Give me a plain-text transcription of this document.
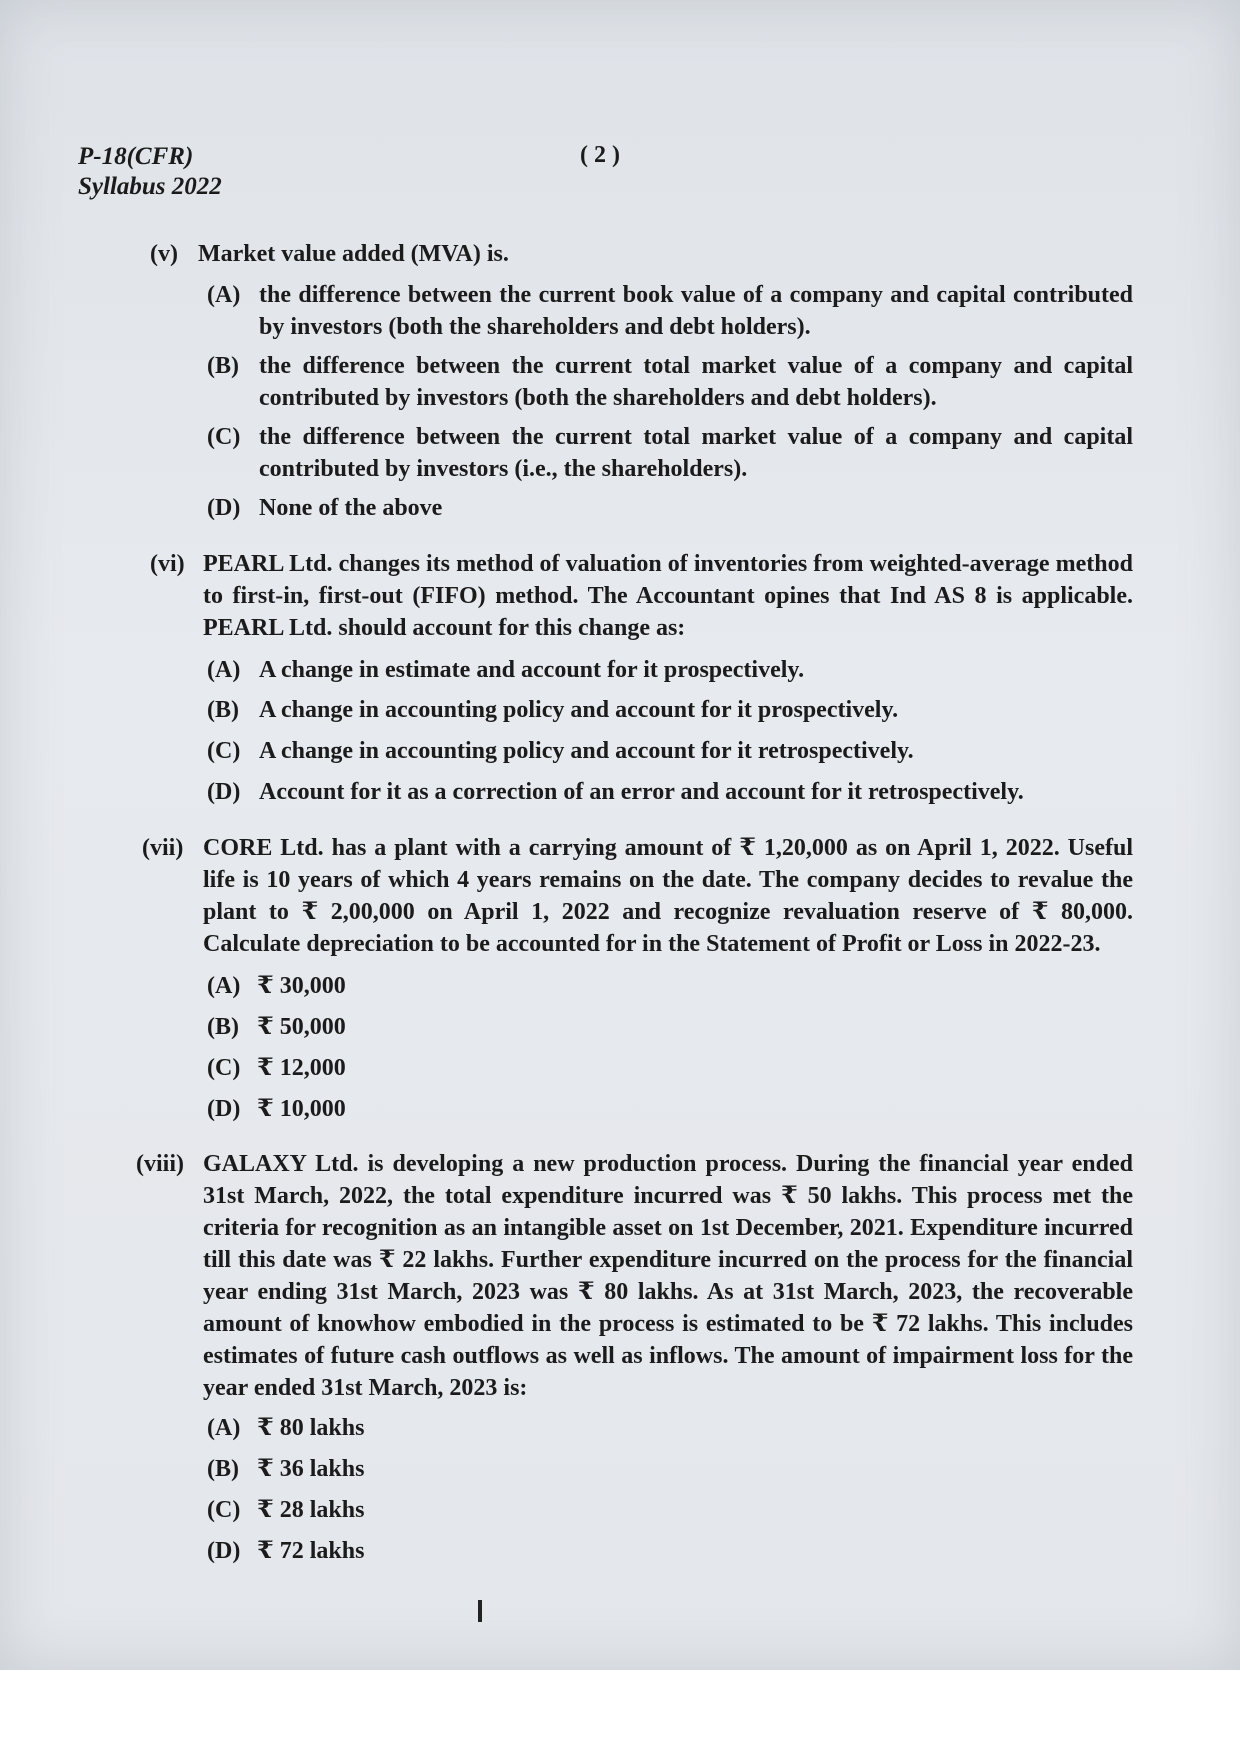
P-18(CFR)
Syllabus 2022
( 2 )
(v) Market value added (MVA) is.
(A) the difference between the current book value of a company and capital contributed by investors (both the shareholders and debt holders).
(B) the difference between the current total market value of a company and capital contributed by investors (both the shareholders and debt holders).
(C) the difference between the current total market value of a company and capital contributed by investors (i.e., the shareholders).
(D) None of the above
(vi) PEARL Ltd. changes its method of valuation of inventories from weighted-average method to first-in, first-out (FIFO) method. The Accountant opines that Ind AS 8 is applicable. PEARL Ltd. should account for this change as:
(A) A change in estimate and account for it prospectively.
(B) A change in accounting policy and account for it prospectively.
(C) A change in accounting policy and account for it retrospectively.
(D) Account for it as a correction of an error and account for it retrospectively.
(vii) CORE Ltd. has a plant with a carrying amount of ₹ 1,20,000 as on April 1, 2022. Useful life is 10 years of which 4 years remains on the date. The company decides to revalue the plant to ₹ 2,00,000 on April 1, 2022 and recognize revaluation reserve of ₹ 80,000. Calculate depreciation to be accounted for in the Statement of Profit or Loss in 2022-23.
(A) ₹ 30,000
(B) ₹ 50,000
(C) ₹ 12,000
(D) ₹ 10,000
(viii) GALAXY Ltd. is developing a new production process. During the financial year ended 31st March, 2022, the total expenditure incurred was ₹ 50 lakhs. This process met the criteria for recognition as an intangible asset on 1st December, 2021. Expenditure incurred till this date was ₹ 22 lakhs. Further expenditure incurred on the process for the financial year ending 31st March, 2023 was ₹ 80 lakhs. As at 31st March, 2023, the recoverable amount of knowhow embodied in the process is estimated to be ₹ 72 lakhs. This includes estimates of future cash outflows as well as inflows. The amount of impairment loss for the year ended 31st March, 2023 is:
(A) ₹ 80 lakhs
(B) ₹ 36 lakhs
(C) ₹ 28 lakhs
(D) ₹ 72 lakhs
